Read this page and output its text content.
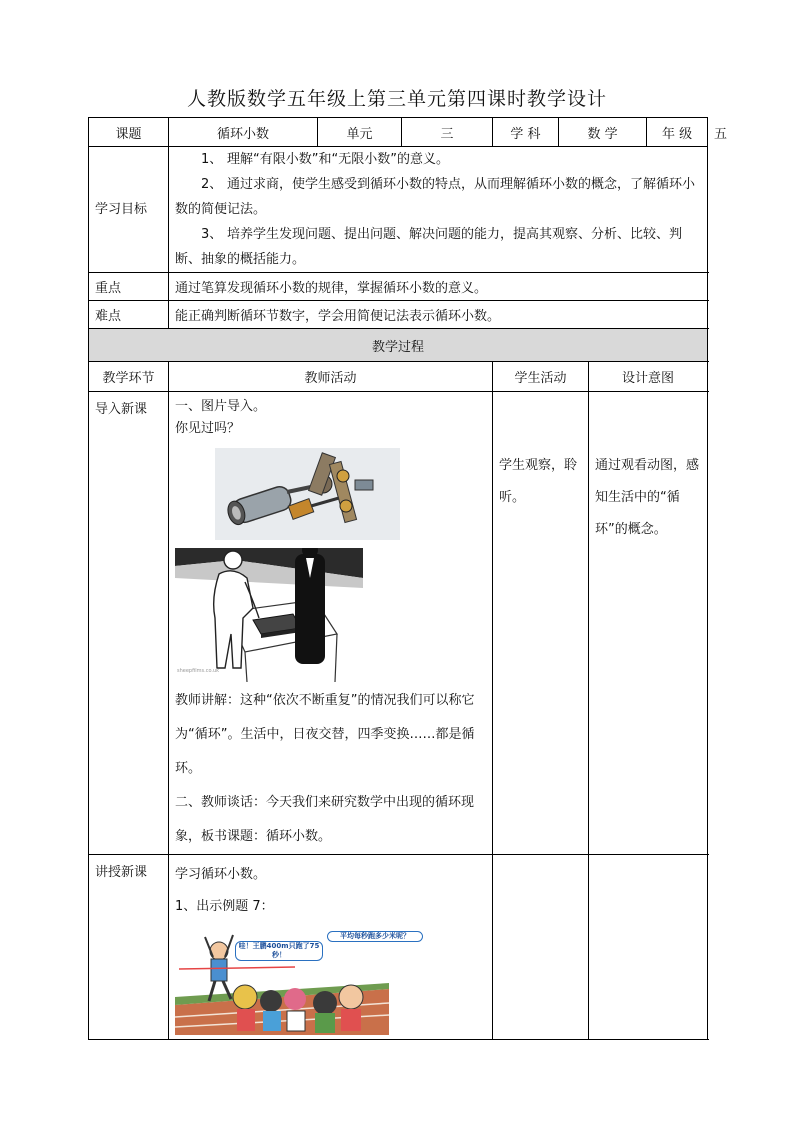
人教版数学五年级上第三单元第四课时教学设计
课题	循环小数	单元	三	学 科	数 学		年 级	五
学习目标	1、 理解“有限小数”和“无限小数”的意义。

2、 通过求商，使学生感受到循环小数的特点，从而理解循环小数的概念，了解循环小数的简便记法。

3、 培养学生发现问题、提出问题、解决问题的能力，提高其观察、分析、比较、判断、抽象的概括能力。							

重点	通过笔算发现循环小数的规律，掌握循环小数的意义。							
难点	能正确判断循环节数字，学会用简便记法表示循环小数。							
教学过程								
教学环节	教师活动			学生活动		设计意图		
导入新课	一、图片导入。
你见过吗？
sheepfilms.co.uk

教师讲解：这种“依次不断重复”的情况我们可以称它为“循环”。生活中，日夜交替，四季变换……都是循环。

二、教师谈话：今天我们来研究数学中出现的循环现象，板书课题：循环小数。			学生观察，聆听。		通过观看动图，感知生活中的“循环”的概念。		
讲授新课	学习循环小数。
1、出示例题 7：
哇！王鹏400m只跑了75秒！
平均每秒跑多少米呢？							
